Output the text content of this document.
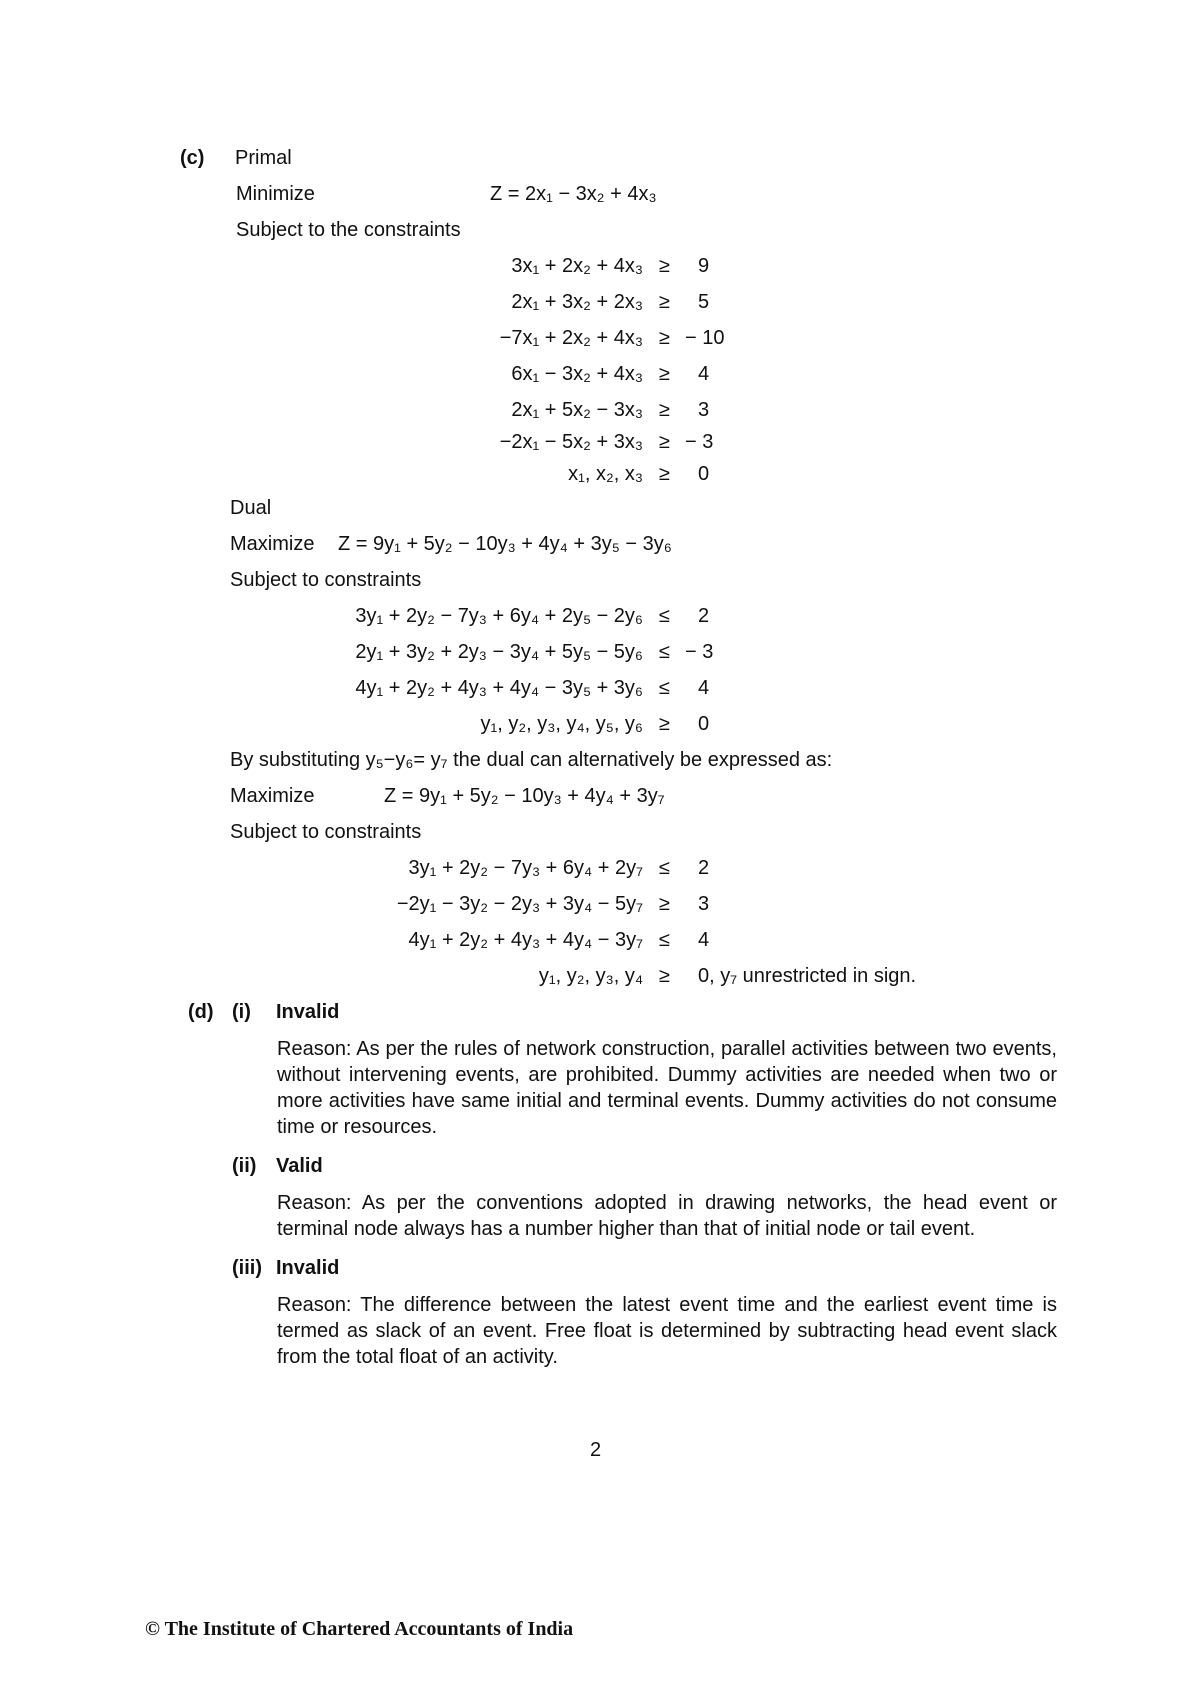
(c) Primal
Minimize	Z = 2x₁ − 3x₂ + 4x₃
Subject to the constraints
3x₁ + 2x₂ + 4x₃ ≥ 9
2x₁ + 3x₂ + 2x₃ ≥ 5
−7x₁ + 2x₂ + 4x₃ ≥ − 10
6x₁ − 3x₂ + 4x₃ ≥ 4
2x₁ + 5x₂ − 3x₃ ≥ 3
−2x₁ − 5x₂ + 3x₃ ≥ − 3
x₁, x₂, x₃ ≥ 0
Dual
Maximize Z = 9y₁ + 5y₂ − 10y₃ + 4y₄ + 3y₅ − 3y₆
Subject to constraints
3y₁ + 2y₂ − 7y₃ + 6y₄ + 2y₅ − 2y₆ ≤ 2
2y₁ + 3y₂ + 2y₃ − 3y₄ + 5y₅ − 5y₆ ≤ − 3
4y₁ + 2y₂ + 4y₃ + 4y₄ − 3y₅ + 3y₆ ≤ 4
y₁, y₂, y₃, y₄, y₅, y₆ ≥ 0
By substituting y₅−y₆= y₇ the dual can alternatively be expressed as:
Maximize	Z = 9y₁ + 5y₂ − 10y₃ + 4y₄ + 3y₇
Subject to constraints
3y₁ + 2y₂ − 7y₃ + 6y₄ + 2y₇ ≤ 2
−2y₁ − 3y₂ − 2y₃ + 3y₄ − 5y₇ ≥ 3
4y₁ + 2y₂ + 4y₃ + 4y₄ − 3y₇ ≤ 4
y₁, y₂, y₃, y₄ ≥ 0, y₇ unrestricted in sign.
(d) (i) Invalid
Reason: As per the rules of network construction, parallel activities between two events, without intervening events, are prohibited. Dummy activities are needed when two or more activities have same initial and terminal events. Dummy activities do not consume time or resources.
(ii) Valid
Reason: As per the conventions adopted in drawing networks, the head event or terminal node always has a number higher than that of initial node or tail event.
(iii) Invalid
Reason: The difference between the latest event time and the earliest event time is termed as slack of an event. Free float is determined by subtracting head event slack from the total float of an activity.
2
© The Institute of Chartered Accountants of India
